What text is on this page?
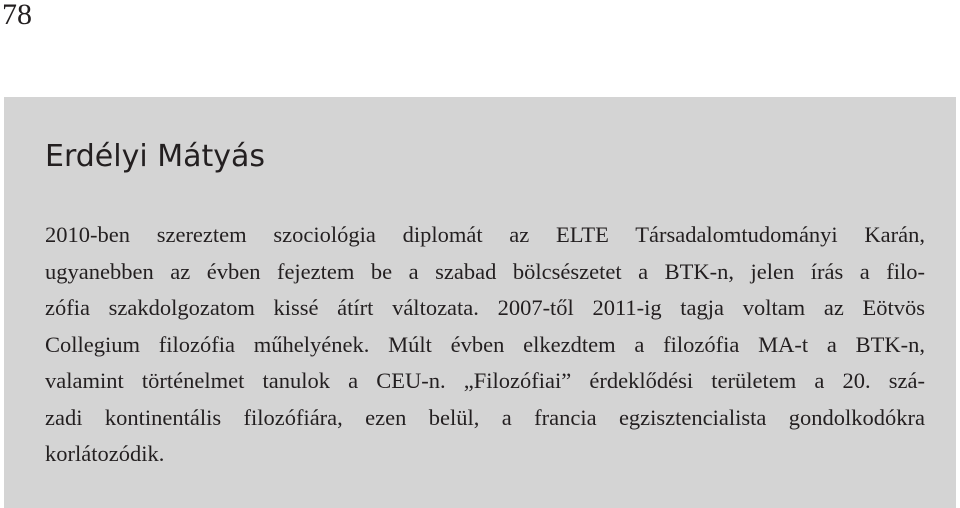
78
Erdélyi Mátyás

2010-ben szereztem szociológia diplomát az ELTE Társadalomtudományi Karán,
ugyanebben az évben fejeztem be a szabad bölcsészetet a BTK-n, jelen írás a filo-
zófia szakdolgozatom kissé átírt változata. 2007-től 2011-ig tagja voltam az Eötvös
Collegium filozófia műhelyének. Múlt évben elkezdtem a filozófia MA-t a BTK-n,
valamint történelmet tanulok a CEU-n. „Filozófiai” érdeklődési területem a 20. szá-
zadi kontinentális filozófiára, ezen belül, a francia egzisztencialista gondolkodókra
korlátozódik.
